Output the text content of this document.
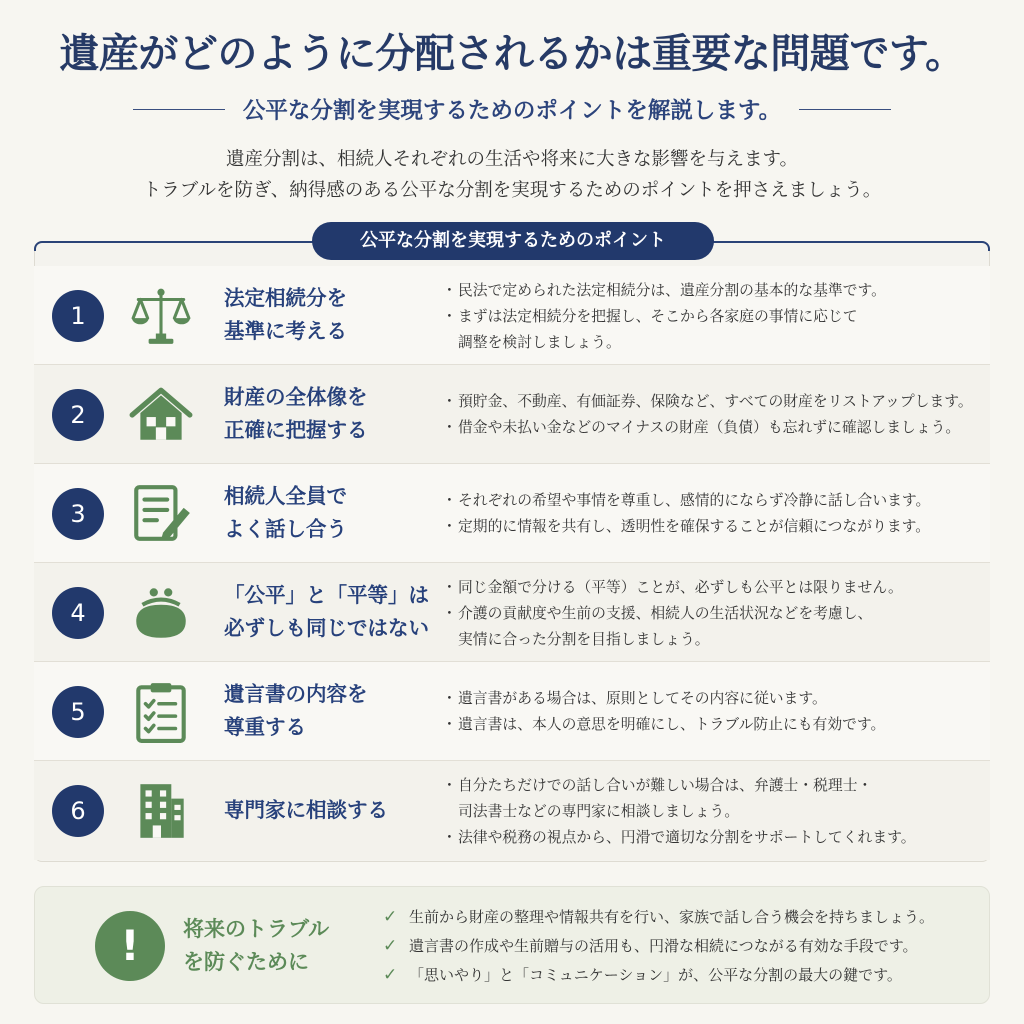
遺産がどのように分配されるかは重要な問題です。
公平な分割を実現するためのポイントを解説します。
遺産分割は、相続人それぞれの生活や将来に大きな影響を与えます。
トラブルを防ぎ、納得感のある公平な分割を実現するためのポイントを押さえましょう。
公平な分割を実現するためのポイント
1
法定相続分を
基準に考える
・ 民法で定められた法定相続分は、遺産分割の基本的な基準です。
・ まずは法定相続分を把握し、そこから各家庭の事情に応じて
調整を検討しましょう。
2
財産の全体像を
正確に把握する
・ 預貯金、不動産、有価証券、保険など、すべての財産をリストアップします。
・ 借金や未払い金などのマイナスの財産（負債）も忘れずに確認しましょう。
3
相続人全員で
よく話し合う
・ それぞれの希望や事情を尊重し、感情的にならず冷静に話し合います。
・ 定期的に情報を共有し、透明性を確保することが信頼につながります。
4
「公平」と「平等」は
必ずしも同じではない
・ 同じ金額で分ける（平等）ことが、必ずしも公平とは限りません。
・ 介護の貢献度や生前の支援、相続人の生活状況などを考慮し、
実情に合った分割を目指しましょう。
5
遺言書の内容を
尊重する
・ 遺言書がある場合は、原則としてその内容に従います。
・ 遺言書は、本人の意思を明確にし、トラブル防止にも有効です。
6	専門家に相談する
・ 自分たちだけでの話し合いが難しい場合は、弁護士・税理士・
司法書士などの専門家に相談しましょう。
・ 法律や税務の視点から、円滑で適切な分割をサポートしてくれます。
!	将来のトラブル
を防ぐために
✓ 生前から財産の整理や情報共有を行い、家族で話し合う機会を持ちましょう。
✓ 遺言書の作成や生前贈与の活用も、円滑な相続につながる有効な手段です。
✓ 「思いやり」と「コミュニケーション」が、公平な分割の最大の鍵です。
